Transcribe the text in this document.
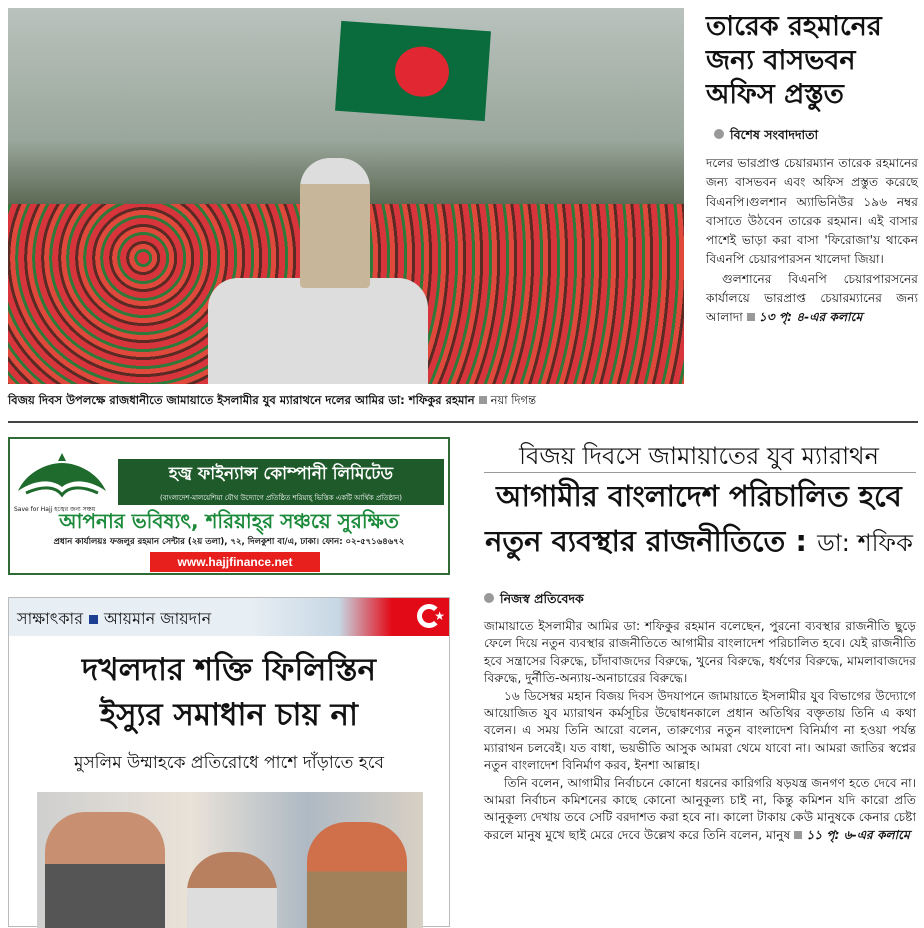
বিজয় দিবস উপলক্ষে রাজধানীতে জামায়াতে ইসলামীর যুব ম্যারাথনে দলের আমির ডা: শফিকুর রহমান নয়া দিগন্ত
তারেক রহমানের জন্য বাসভবন অফিস প্রস্তুত
বিশেষ সংবাদদাতা

দলের ভারপ্রাপ্ত চেয়ারম্যান তারেক রহমানের জন্য বাসভবন এবং অফিস প্রস্তুত করেছে বিএনপি।গুলশান অ্যাভিনিউর ১৯৬ নম্বর বাসাতে উঠবেন তারেক রহমান। এই বাসার পাশেই ভাড়া করা বাসা 'ফিরোজা'য় থাকেন বিএনপি চেয়ারপারসন খালেদা জিয়া।

গুলশানের বিএনপি চেয়ারপারসনের কার্যালয়ে ভারপ্রাপ্ত চেয়ারম্যানের জন্য আলাদা ১৩ পৃ: ৪-এর কলামে

Save for Hajj হজ্বের জন্য সঞ্চয়
হজ্ব ফাইন্যান্স কোম্পানী লিমিটেড
(বাংলাদেশ-মালয়েশিয়া যৌথ উদ্যোগে প্রতিষ্ঠিত শরিয়াহ্ ভিত্তিক একটি আর্থিক প্রতিষ্ঠান)
আপনার ভবিষ্যৎ, শরিয়াহ্‌র সঞ্চয়ে সুরক্ষিত
প্রধান কার্যালয়ঃ ফজলুর রহমান সেন্টার (২য় তলা), ৭২, দিলকুশা বা/এ, ঢাকা। ফোন: ০২-৫৭১৬৪৬৭২
www.hajjfinance.net
বিজয় দিবসে জামায়াতের যুব ম্যারাথন
আগামীর বাংলাদেশ পরিচালিত হবে
নতুন ব্যবস্থার রাজনীতিতে : ডা: শফিক
নিজস্ব প্রতিবেদক

জামায়াতে ইসলামীর আমির ডা: শফিকুর রহমান বলেছেন, পুরনো ব্যবস্থার রাজনীতি ছুড়ে ফেলে দিয়ে নতুন ব্যবস্থার রাজনীতিতে আগামীর বাংলাদেশ পরিচালিত হবে। যেই রাজনীতি হবে সন্ত্রাসের বিরুদ্ধে, চাঁদাবাজদের বিরুদ্ধে, খুনের বিরুদ্ধে, ধর্ষণের বিরুদ্ধে, মামলাবাজদের বিরুদ্ধে, দুর্নীতি-অন্যায়-অনাচারের বিরুদ্ধে।

১৬ ডিসেম্বর মহান বিজয় দিবস উদযাপনে জামায়াতে ইসলামীর যুব বিভাগের উদ্যোগে আয়োজিত যুব ম্যারাথন কর্মসূচির উদ্বোধনকালে প্রধান অতিথির বক্তৃতায় তিনি এ কথা বলেন। এ সময় তিনি আরো বলেন, তারুণ্যের নতুন বাংলাদেশ বিনির্মাণ না হওয়া পর্যন্ত ম্যারাথন চলবেই। যত বাধা, ভয়ভীতি আসুক আমরা থেমে যাবো না। আমরা জাতির স্বপ্নের নতুন বাংলাদেশ বিনির্মাণ করব, ইনশা আল্লাহ।

তিনি বলেন, আগামীর নির্বাচনে কোনো ধরনের কারিগরি ষড়যন্ত্র জনগণ হতে দেবে না। আমরা নির্বাচন কমিশনের কাছে কোনো আনুকূল্য চাই না, কিন্তু কমিশন যদি কারো প্রতি আনুকূল্য দেখায় তবে সেটি বরদাশত করা হবে না। কালো টাকায় কেউ মানুষকে কেনার চেষ্টা করলে মানুষ মুখে ছাই মেরে দেবে উল্লেখ করে তিনি বলেন, মানুষ ১১ পৃ: ৬-এর কলামে

সাক্ষাৎকার আয়মান জায়দান	★
দখলদার শক্তি ফিলিস্তিন
ইস্যুর সমাধান চায় না
মুসলিম উম্মাহকে প্রতিরোধে পাশে দাঁড়াতে হবে
